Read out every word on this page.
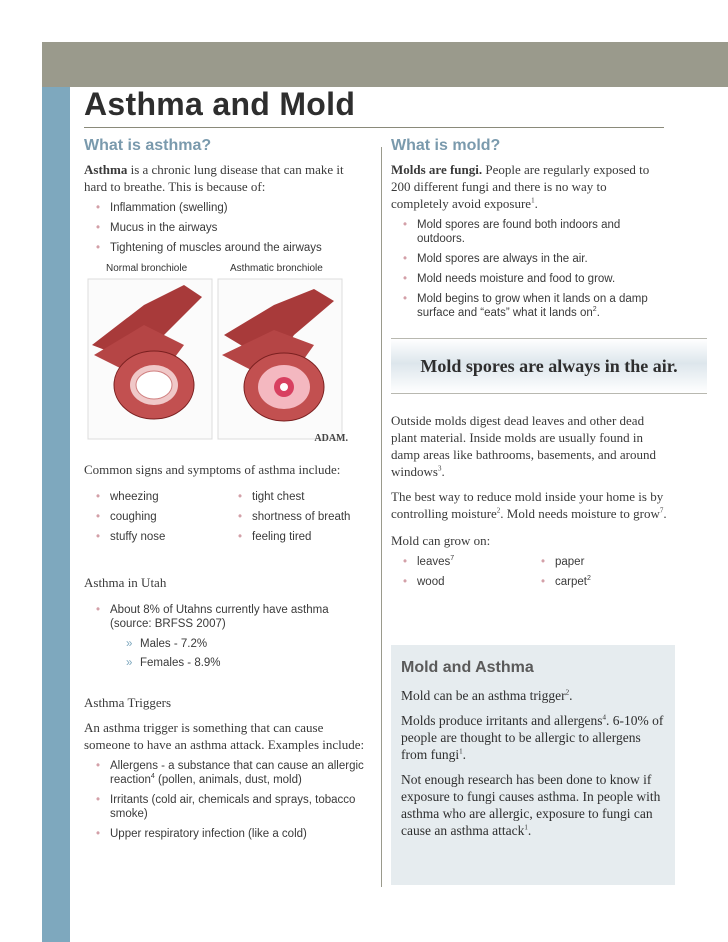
Asthma and Mold
What is asthma?

Asthma is a chronic lung disease that can make it hard to breathe. This is because of:

• Inflammation (swelling)
• Mucus in the airways
• Tightening of muscles around the airways
Normal bronchiole	Asthmatic bronchiole
ADAM.

Common signs and symptoms of asthma include:

• wheezing
• coughing
• stuffy nose
• tight chest
• shortness of breath
• feeling tired

Asthma in Utah

• About 8% of Utahns currently have asthma (source: BRFSS 2007)
» Males - 7.2%
» Females - 8.9%

Asthma Triggers

An asthma trigger is something that can cause someone to have an asthma attack. Examples include:

• Allergens - a substance that can cause an allergic reaction$^4$ (pollen, animals, dust, mold)
• Irritants (cold air, chemicals and sprays, tobacco smoke)
• Upper respiratory infection (like a cold)
What is mold?

Molds are fungi. People are regularly exposed to 200 different fungi and there is no way to completely avoid exposure$^1$.

• Mold spores are found both indoors and outdoors.
• Mold spores are always in the air.
• Mold needs moisture and food to grow.
• Mold begins to grow when it lands on a damp surface and “eats” what it lands $on^2$.
Mold spores are always in the air.

Outside molds digest dead leaves and other dead plant material. Inside molds are usually found in damp areas like bathrooms, basements, and around windows$^3$.

The best way to reduce mold inside your home is by controlling moisture$^2$. Mold needs moisture to grow$^7$.

Mold can grow on:

• leaves$^7$
• wood
• paper
• carpet$^2$
Mold and Asthma

Mold can be an asthma trigger$^2$.

Molds produce irritants and allergens$^4$. 6-10% of people are thought to be allergic to allergens from fungi$^1$.

Not enough research has been done to know if exposure to fungi causes asthma. In people with asthma who are allergic, exposure to fungi can cause an asthma attack$^1$.
